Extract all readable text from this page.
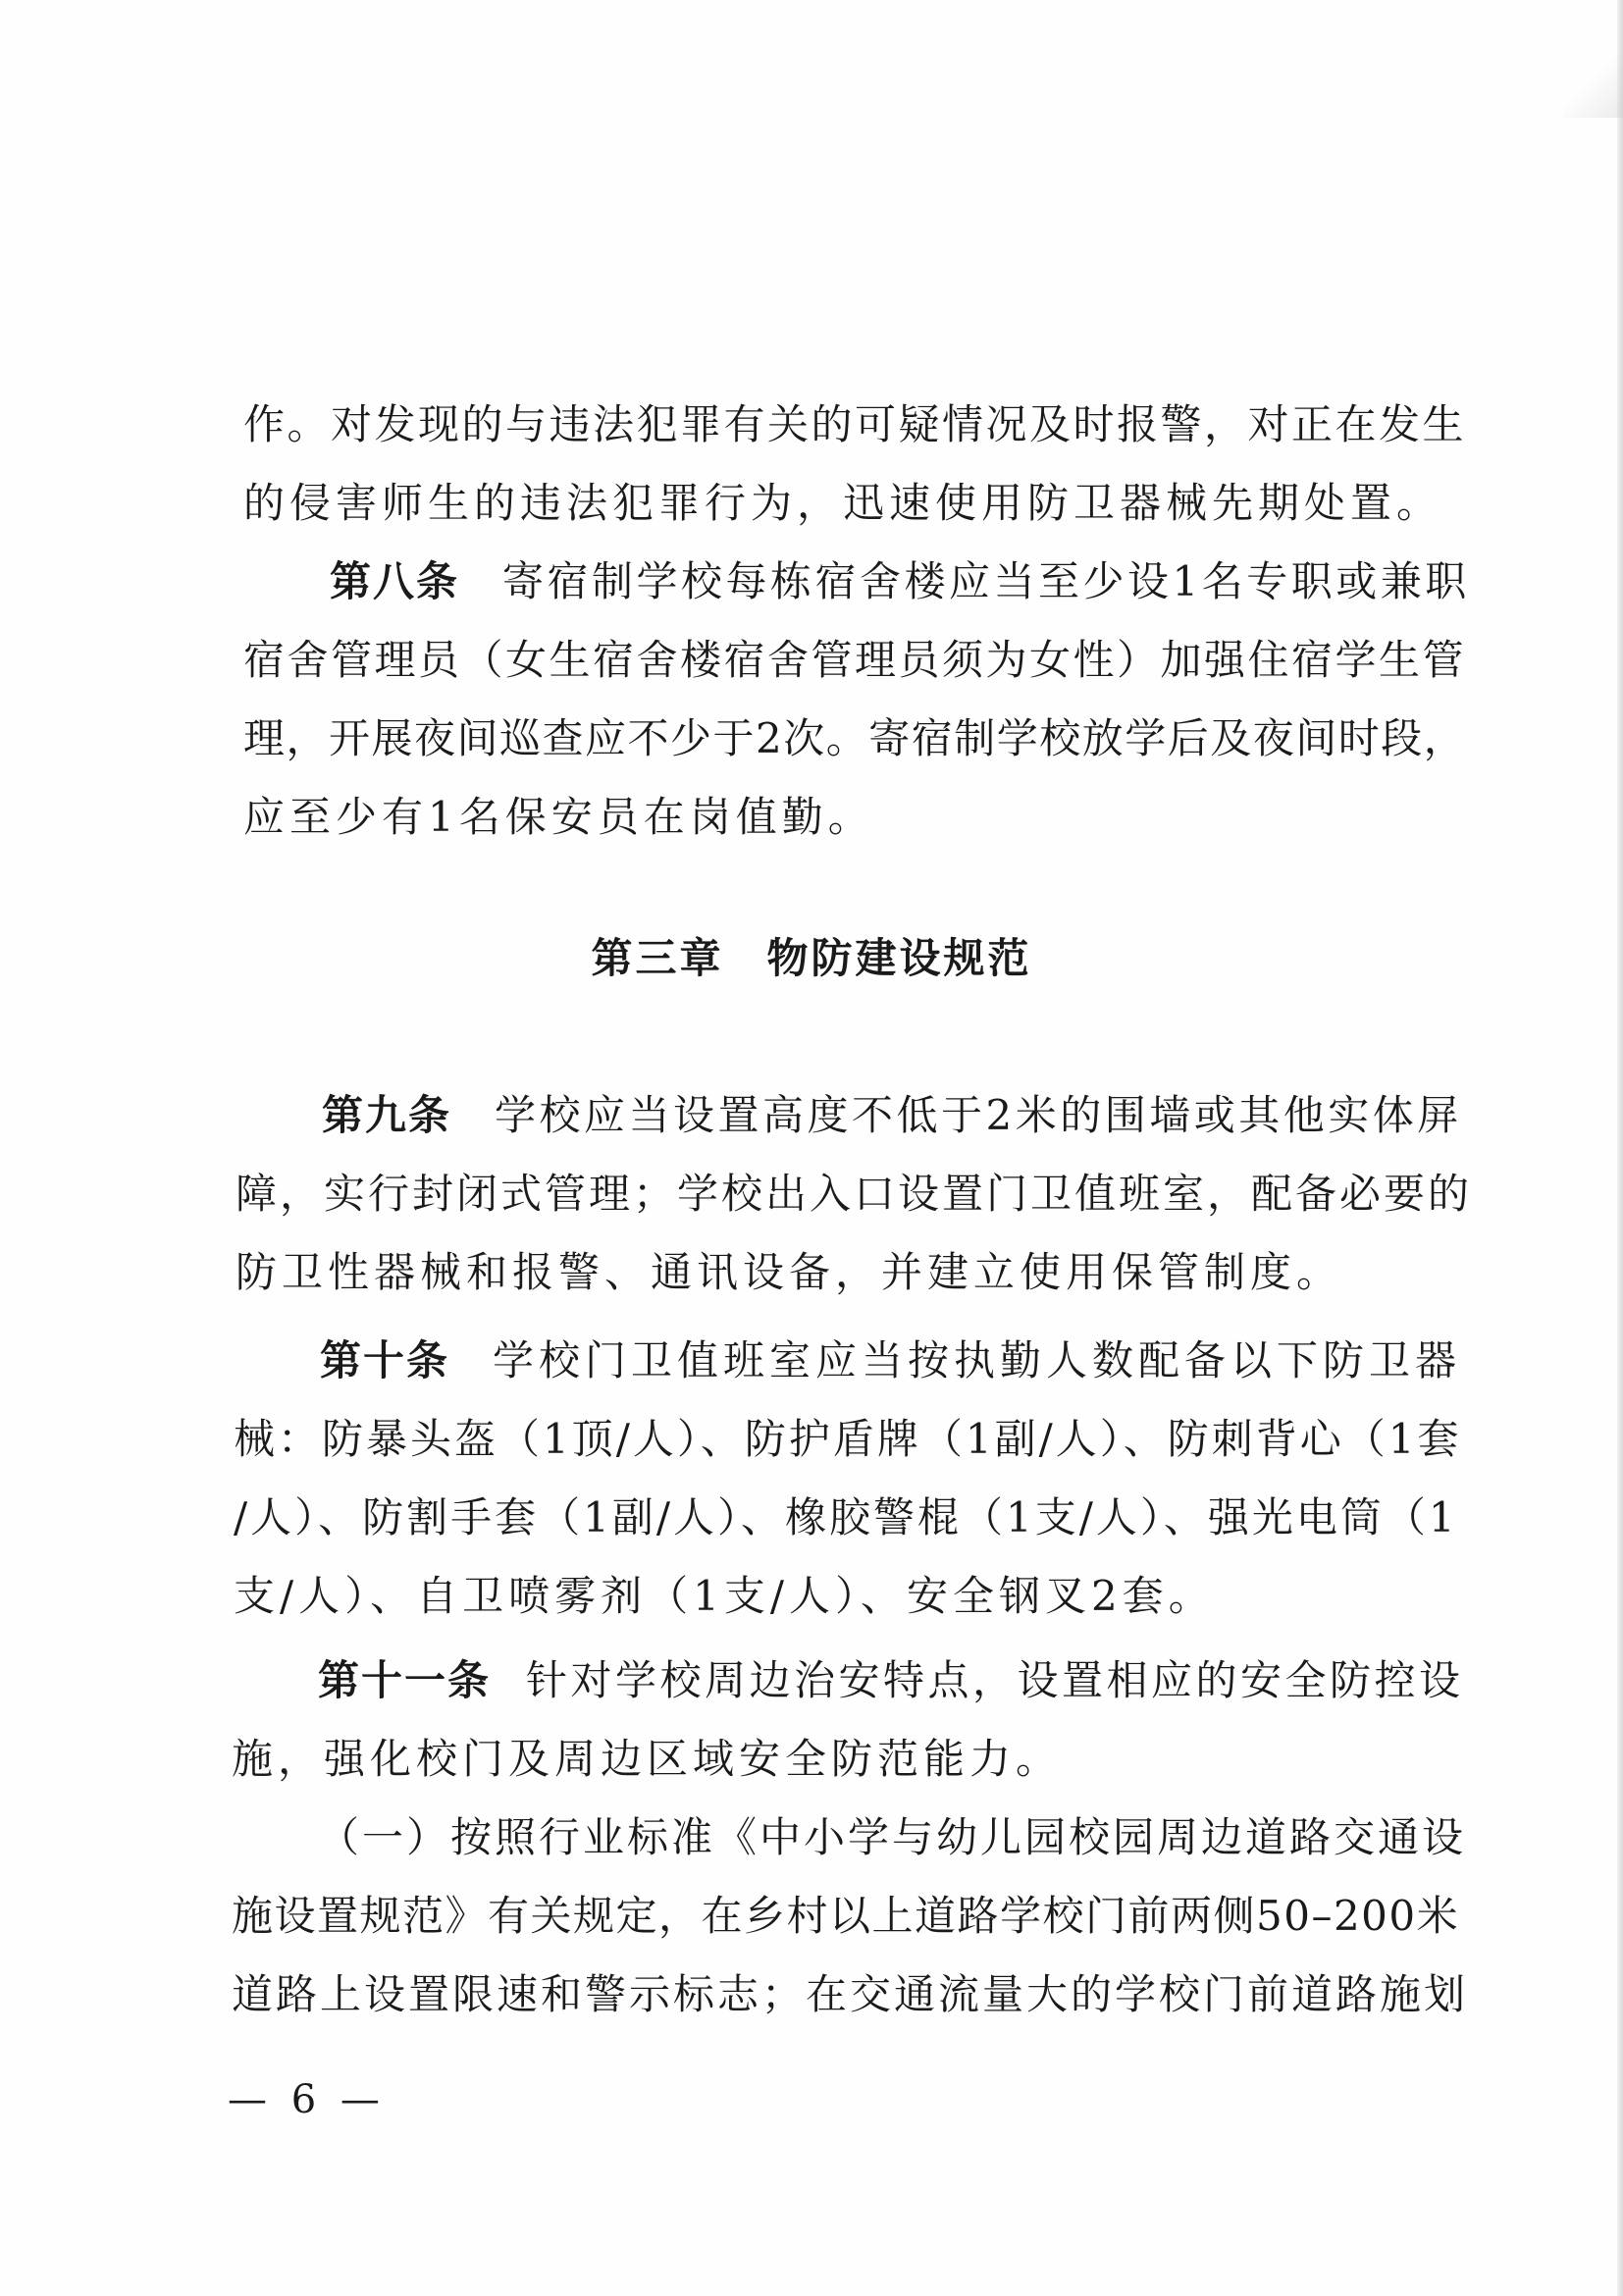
作。对发现的与违法犯罪有关的可疑情况及时报警，对正在发生
的侵害师生的违法犯罪行为，迅速使用防卫器械先期处置。
第八条 寄宿制学校每栋宿舍楼应当至少设1名专职或兼职
宿舍管理员（女生宿舍楼宿舍管理员须为女性）加强住宿学生管
理，开展夜间巡查应不少于2次。寄宿制学校放学后及夜间时段，
应至少有1名保安员在岗值勤。
第三章 物防建设规范
第九条 学校应当设置高度不低于2米的围墙或其他实体屏
障，实行封闭式管理；学校出入口设置门卫值班室，配备必要的
防卫性器械和报警、通讯设备，并建立使用保管制度。
第十条 学校门卫值班室应当按执勤人数配备以下防卫器
械：防暴头盔（1顶/人）、防护盾牌（1副/人）、防刺背心（1套
/人）、防割手套（1副/人）、橡胶警棍（1支/人）、强光电筒（1
支/人）、自卫喷雾剂（1支/人）、安全钢叉2套。
第十一条 针对学校周边治安特点，设置相应的安全防控设
施，强化校门及周边区域安全防范能力。
（一）按照行业标准《中小学与幼儿园校园周边道路交通设
施设置规范》有关规定，在乡村以上道路学校门前两侧50–200米
道路上设置限速和警示标志；在交通流量大的学校门前道路施划
— 6 —
